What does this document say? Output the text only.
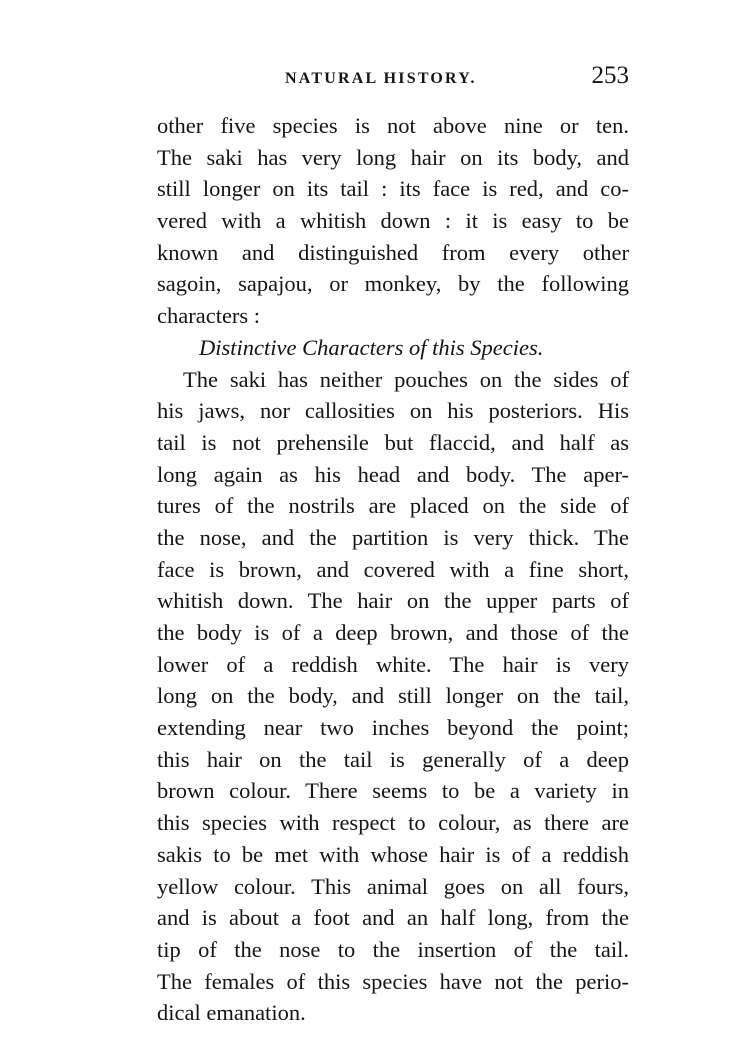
NATURAL HISTORY.	253
other five species is not above nine or ten.
The saki has very long hair on its body, and
still longer on its tail : its face is red, and co-
vered with a whitish down : it is easy to be
known and distinguished from every other
sagoin, sapajou, or monkey, by the following
characters :
Distinctive Characters of this Species.
The saki has neither pouches on the sides of
his jaws, nor callosities on his posteriors. His
tail is not prehensile but flaccid, and half as
long again as his head and body. The aper-
tures of the nostrils are placed on the side of
the nose, and the partition is very thick. The
face is brown, and covered with a fine short,
whitish down. The hair on the upper parts of
the body is of a deep brown, and those of the
lower of a reddish white. The hair is very
long on the body, and still longer on the tail,
extending near two inches beyond the point;
this hair on the tail is generally of a deep
brown colour. There seems to be a variety in
this species with respect to colour, as there are
sakis to be met with whose hair is of a reddish
yellow colour. This animal goes on all fours,
and is about a foot and an half long, from the
tip of the nose to the insertion of the tail.
The females of this species have not the perio-
dical emanation.
